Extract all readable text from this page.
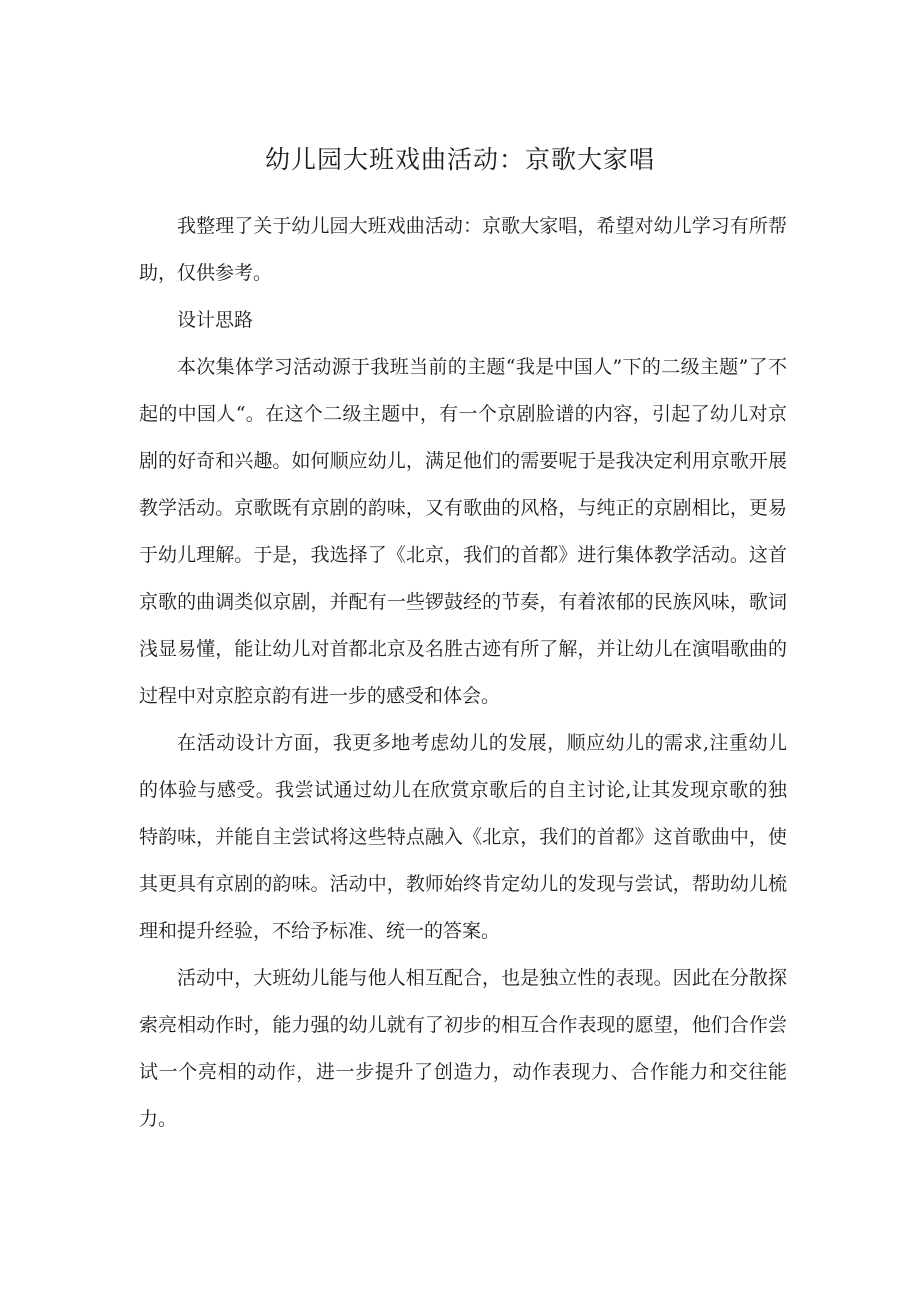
幼儿园大班戏曲活动：京歌大家唱

我整理了关于幼儿园大班戏曲活动：京歌大家唱，希望对幼儿学习有所帮助，仅供参考。

设计思路

本次集体学习活动源于我班当前的主题“我是中国人”下的二级主题”了不起的中国人“。在这个二级主题中，有一个京剧脸谱的内容，引起了幼儿对京剧的好奇和兴趣。如何顺应幼儿，满足他们的需要呢于是我决定利用京歌开展教学活动。京歌既有京剧的韵味，又有歌曲的风格，与纯正的京剧相比，更易于幼儿理解。于是，我选择了《北京，我们的首都》进行集体教学活动。这首京歌的曲调类似京剧，并配有一些锣鼓经的节奏，有着浓郁的民族风味，歌词浅显易懂，能让幼儿对首都北京及名胜古迹有所了解，并让幼儿在演唱歌曲的过程中对京腔京韵有进一步的感受和体会。

在活动设计方面，我更多地考虑幼儿的发展，顺应幼儿的需求,注重幼儿的体验与感受。我尝试通过幼儿在欣赏京歌后的自主讨论,让其发现京歌的独特韵味，并能自主尝试将这些特点融入《北京，我们的首都》这首歌曲中，使其更具有京剧的韵味。活动中，教师始终肯定幼儿的发现与尝试，帮助幼儿梳理和提升经验，不给予标准、统一的答案。

活动中，大班幼儿能与他人相互配合，也是独立性的表现。因此在分散探索亮相动作时，能力强的幼儿就有了初步的相互合作表现的愿望，他们合作尝试一个亮相的动作，进一步提升了创造力，动作表现力、合作能力和交往能力。
